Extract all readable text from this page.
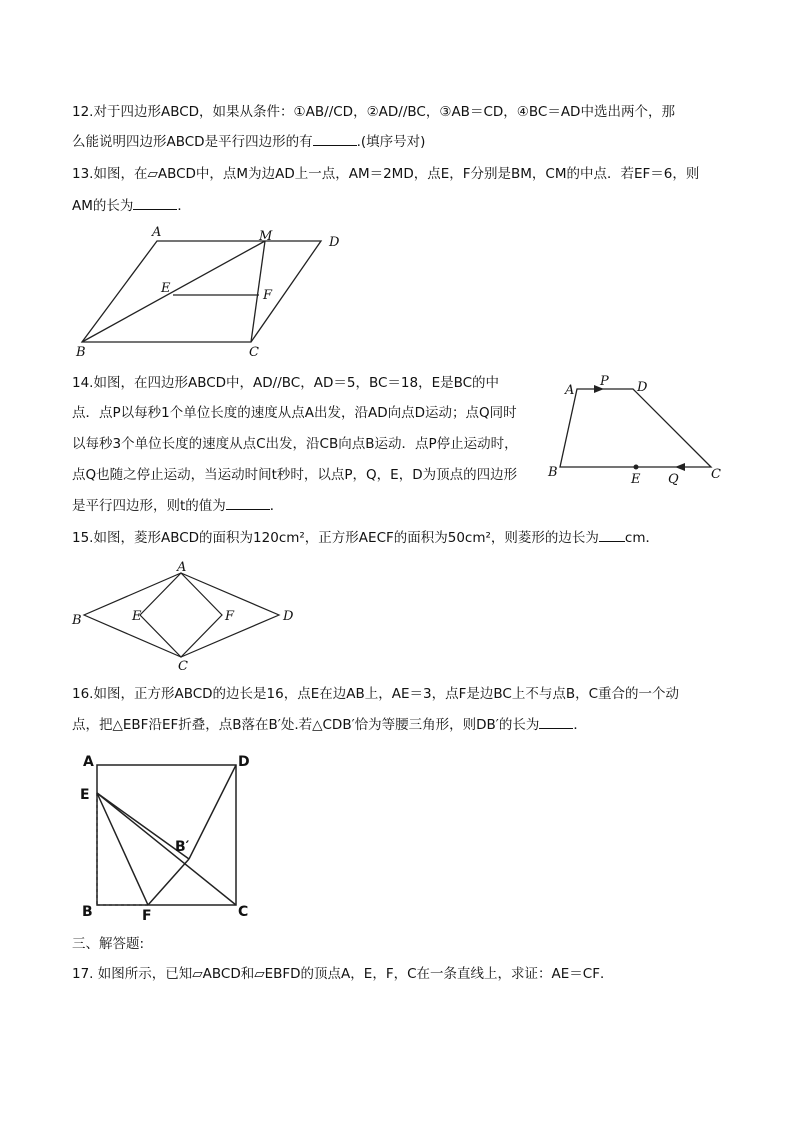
12.对于四边形ABCD，如果从条件：①AB//CD，②AD//BC，③AB＝CD，④BC＝AD中选出两个，那
么能说明四边形ABCD是平行四边形的有	.(填序号对)
13.如图，在▱ABCD中，点M为边AD上一点，AM＝2MD，点E，F分别是BM，CM的中点．若EF＝6，则
AM的长为	．
A	M	D
E	F
B	C
14.如图，在四边形ABCD中，AD//BC，AD＝5，BC＝18，E是BC的中
点．点P以每秒1个单位长度的速度从点A出发，沿AD向点D运动；点Q同时
以每秒3个单位长度的速度从点C出发，沿CB向点B运动．点P停止运动时，
点Q也随之停止运动，当运动时间t秒时，以点P，Q，E，D为顶点的四边形
是平行四边形，则t的值为	．
A
P D
B	E Q C
15.如图，菱形ABCD的面积为120cm²，正方形AECF的面积为50cm²，则菱形的边长为 cm．
A
B	E	F	D
C
16.如图，正方形ABCD的边长是16，点E在边AB上，AE＝3，点F是边BC上不与点B，C重合的一个动
点，把△EBF沿EF折叠，点B落在B′处.若△CDB′恰为等腰三角形，则DB′的长为	．
A	D
E
B′
B	F	C
三、解答题:
17. 如图所示，已知▱ABCD和▱EBFD的顶点A，E，F，C在一条直线上，求证：AE＝CF．
